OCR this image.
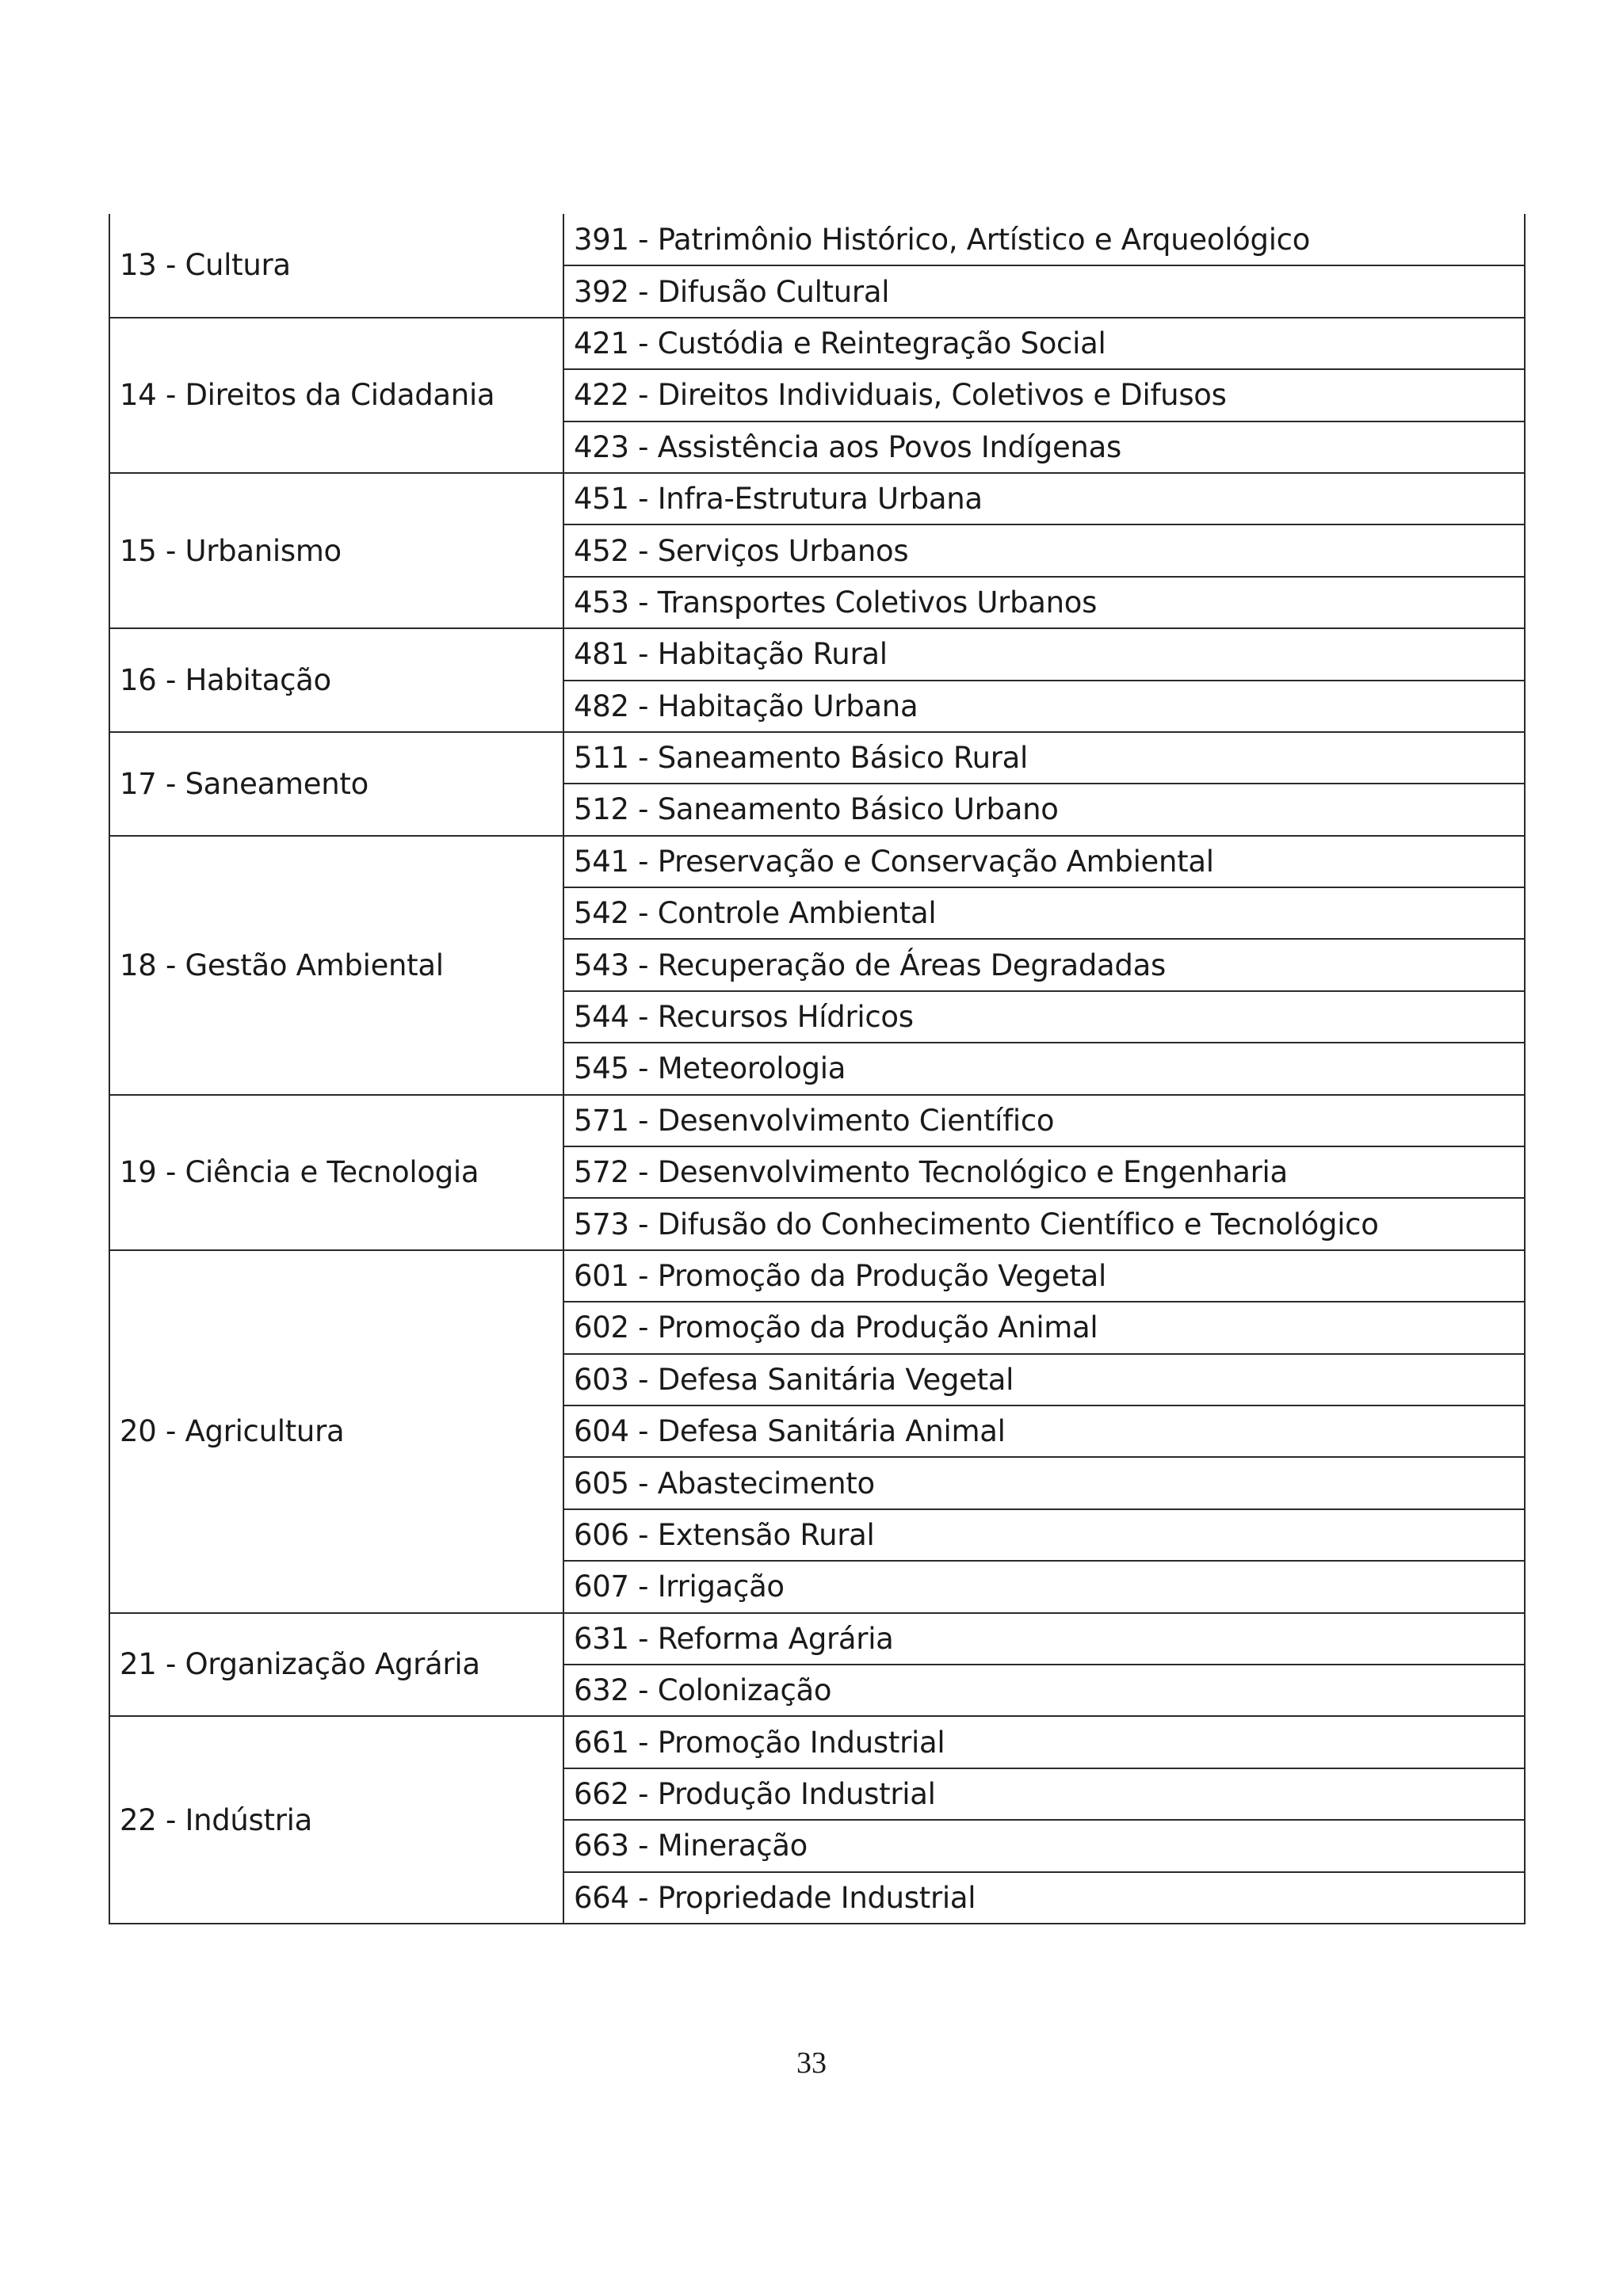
13 - Cultura	391 - Patrimônio Histórico, Artístico e Arqueológico
	392 - Difusão Cultural
14 - Direitos da Cidadania	421 - Custódia e Reintegração Social
	422 - Direitos Individuais, Coletivos e Difusos
	423 - Assistência aos Povos Indígenas
15 - Urbanismo	451 - Infra-Estrutura Urbana
	452 - Serviços Urbanos
	453 - Transportes Coletivos Urbanos
16 - Habitação	481 - Habitação Rural
	482 - Habitação Urbana
17 - Saneamento	511 - Saneamento Básico Rural
	512 - Saneamento Básico Urbano
18 - Gestão Ambiental	541 - Preservação e Conservação Ambiental
	542 - Controle Ambiental
	543 - Recuperação de Áreas Degradadas
	544 - Recursos Hídricos
	545 - Meteorologia
19 - Ciência e Tecnologia	571 - Desenvolvimento Científico
	572 - Desenvolvimento Tecnológico e Engenharia
	573 - Difusão do Conhecimento Científico e Tecnológico
20 - Agricultura	601 - Promoção da Produção Vegetal
	602 - Promoção da Produção Animal
	603 - Defesa Sanitária Vegetal
	604 - Defesa Sanitária Animal
	605 - Abastecimento
	606 - Extensão Rural
	607 - Irrigação
21 - Organização Agrária	631 - Reforma Agrária
	632 - Colonização
22 - Indústria	661 - Promoção Industrial
	662 - Produção Industrial
	663 - Mineração
	664 - Propriedade Industrial
33
